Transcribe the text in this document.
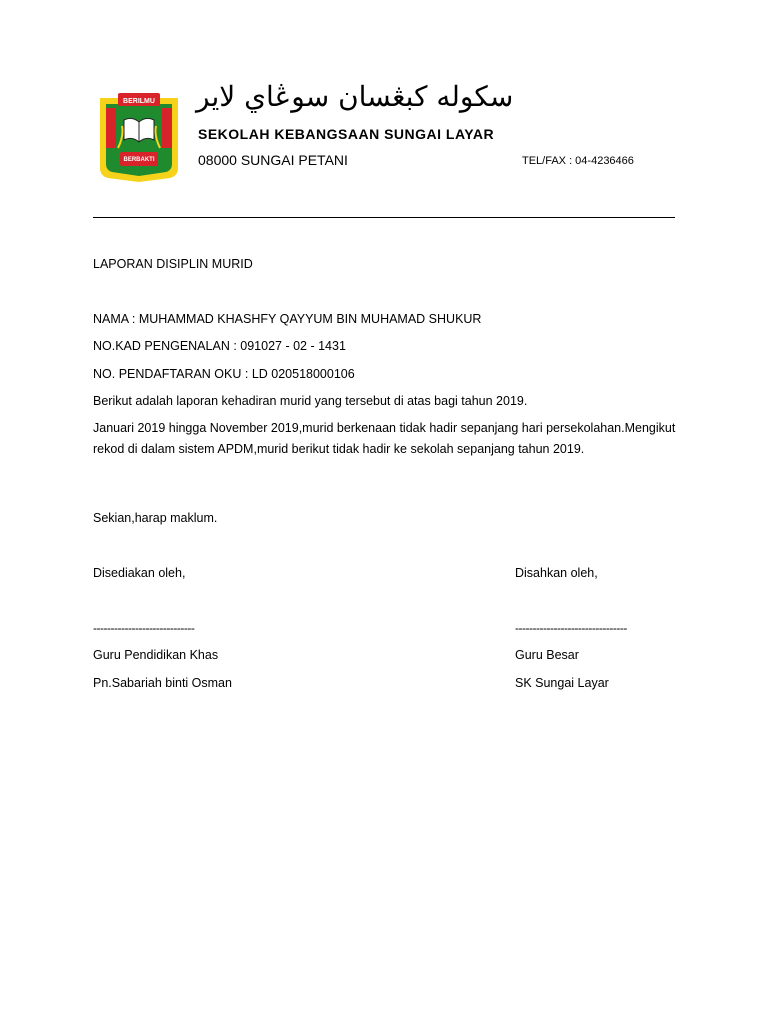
BERILMU
BERBAKTI
سكوله كبڠسان سوڠاي لاير
SEKOLAH KEBANGSAAN SUNGAI LAYAR
08000 SUNGAI PETANI	TEL/FAX : 04-4236466
LAPORAN DISIPLIN MURID
NAMA : MUHAMMAD KHASHFY QAYYUM BIN MUHAMAD SHUKUR
NO.KAD PENGENALAN : 091027 - 02 - 1431
NO. PENDAFTARAN OKU : LD 020518000106
Berikut adalah laporan kehadiran murid yang tersebut di atas bagi tahun 2019.
Januari 2019 hingga November 2019,murid berkenaan tidak hadir sepanjang hari persekolahan.Mengikut rekod di dalam sistem APDM,murid berikut tidak hadir ke sekolah sepanjang tahun 2019.
Sekian,harap maklum.
Disediakan oleh,	Disahkan oleh,
-----------------------------	--------------------------------
Guru Pendidikan Khas	Guru Besar
Pn.Sabariah binti Osman	SK Sungai Layar
